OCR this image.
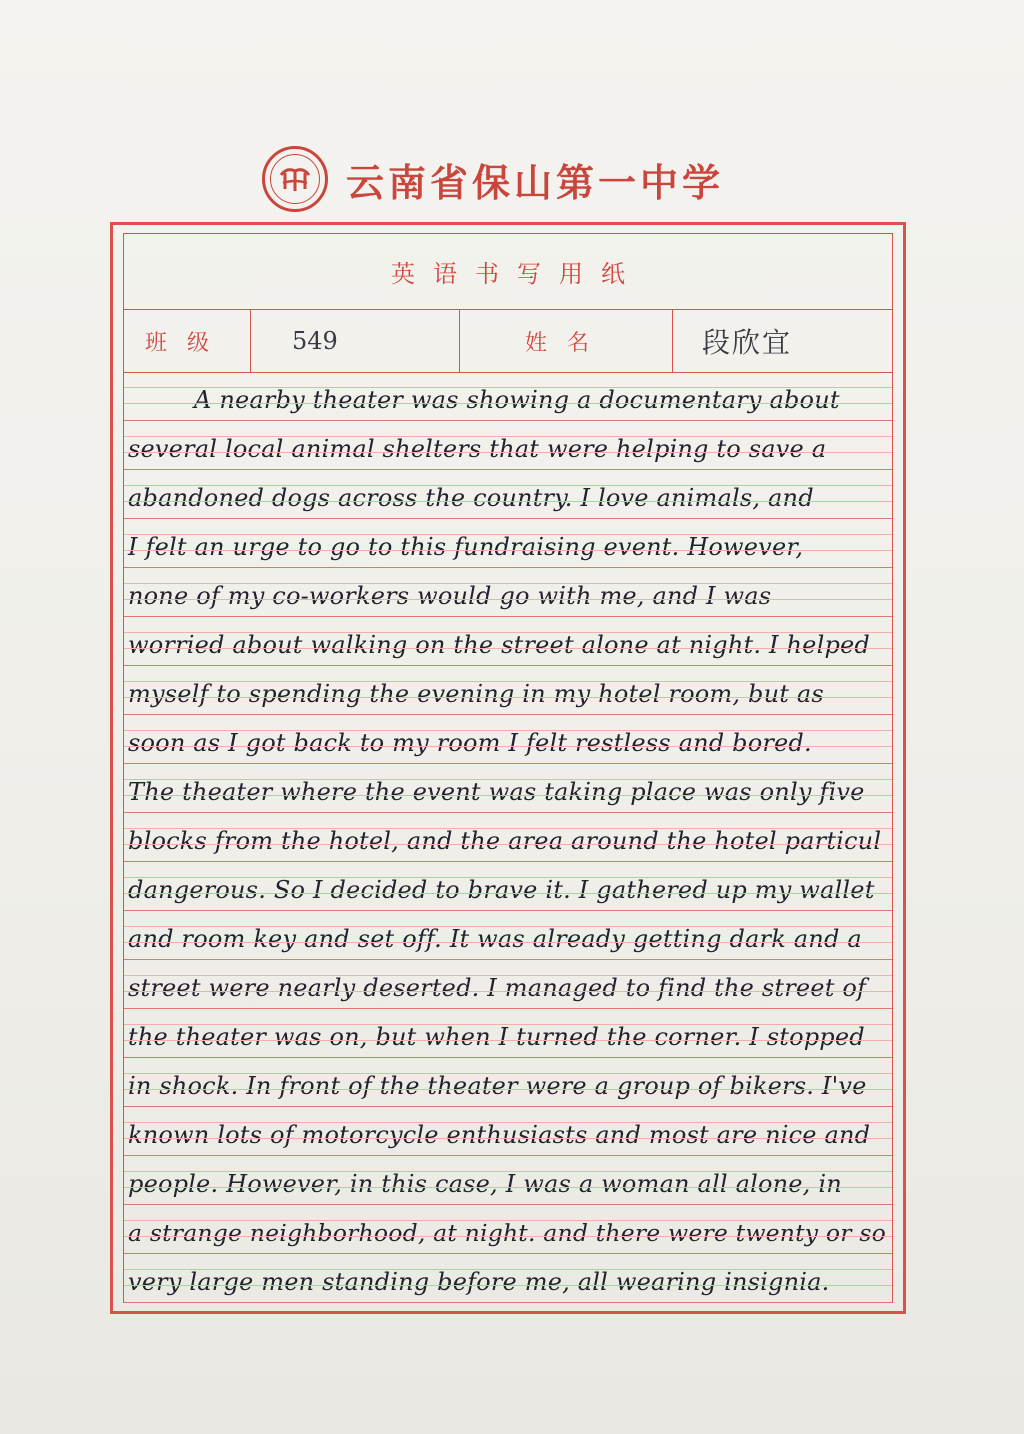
云南省保山第一中学
英语书写用纸
班级	549	姓名	段欣宜
A nearby theater was showing a documentary about
several local animal shelters that were helping to save a
abandoned dogs across the country. I love animals, and
I felt an urge to go to this fundraising event. However,
none of my co-workers would go with me, and I was
worried about walking on the street alone at night. I helped
myself to spending the evening in my hotel room, but as
soon as I got back to my room I felt restless and bored.
The theater where the event was taking place was only five
blocks from the hotel, and the area around the hotel particul
dangerous. So I decided to brave it. I gathered up my wallet
and room key and set off. It was already getting dark and a
street were nearly deserted. I managed to find the street of
the theater was on, but when I turned the corner. I stopped
in shock. In front of the theater were a group of bikers. I've
known lots of motorcycle enthusiasts and most are nice and
people. However, in this case, I was a woman all alone, in
a strange neighborhood, at night. and there were twenty or so
very large men standing before me, all wearing insignia.
